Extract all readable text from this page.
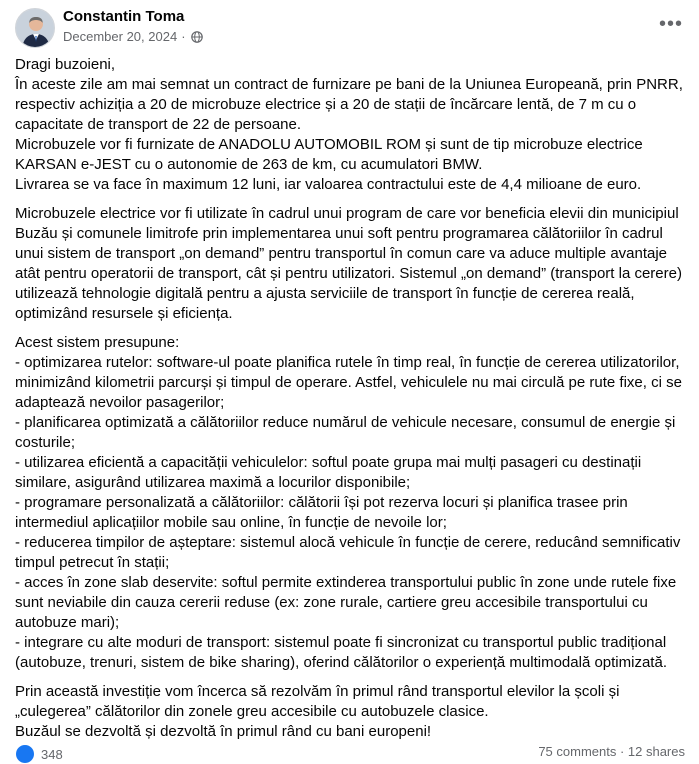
Constantin Toma
December 20, 2024 ·
•••
Dragi buzoieni,
În aceste zile am mai semnat un contract de furnizare pe bani de la Uniunea Europeană, prin PNRR,
respectiv achiziția a 20 de microbuze electrice și a 20 de stații de încărcare lentă, de 7 m cu o
capacitate de transport de 22 de persoane.
Microbuzele vor fi furnizate de ANADOLU AUTOMOBIL ROM și sunt de tip microbuze electrice
KARSAN e-JEST cu o autonomie de 263 de km, cu acumulatori BMW.
Livrarea se va face în maximum 12 luni, iar valoarea contractului este de 4,4 milioane de euro.
Microbuzele electrice vor fi utilizate în cadrul unui program de care vor beneficia elevii din municipiul
Buzău și comunele limitrofe prin implementarea unui soft pentru programarea călătoriilor în cadrul
unui sistem de transport „on demand” pentru transportul în comun care va aduce multiple avantaje
atât pentru operatorii de transport, cât și pentru utilizatori. Sistemul „on demand” (transport la cerere)
utilizează tehnologie digitală pentru a ajusta serviciile de transport în funcție de cererea reală,
optimizând resursele și eficiența.
Acest sistem presupune:
- optimizarea rutelor: software-ul poate planifica rutele în timp real, în funcție de cererea utilizatorilor,
minimizând kilometrii parcurși și timpul de operare. Astfel, vehiculele nu mai circulă pe rute fixe, ci se
adaptează nevoilor pasagerilor;
- planificarea optimizată a călătoriilor reduce numărul de vehicule necesare, consumul de energie și
costurile;
- utilizarea eficientă a capacității vehiculelor: softul poate grupa mai mulți pasageri cu destinații
similare, asigurând utilizarea maximă a locurilor disponibile;
- programare personalizată a călătoriilor: călătorii își pot rezerva locuri și planifica trasee prin
intermediul aplicațiilor mobile sau online, în funcție de nevoile lor;
- reducerea timpilor de așteptare: sistemul alocă vehicule în funcție de cerere, reducând semnificativ
timpul petrecut în stații;
- acces în zone slab deservite: softul permite extinderea transportului public în zone unde rutele fixe
sunt neviabile din cauza cererii reduse (ex: zone rurale, cartiere greu accesibile transportului cu
autobuze mari);
- integrare cu alte moduri de transport: sistemul poate fi sincronizat cu transportul public tradițional
(autobuze, trenuri, sistem de bike sharing), oferind călătorilor o experiență multimodală optimizată.
Prin această investiție vom încerca să rezolvăm în primul rând transportul elevilor la școli și
„culegerea” călătorilor din zonele greu accesibile cu autobuzele clasice.
Buzăul se dezvoltă și dezvoltă în primul rând cu bani europeni!
348	75 comments · 12 shares
